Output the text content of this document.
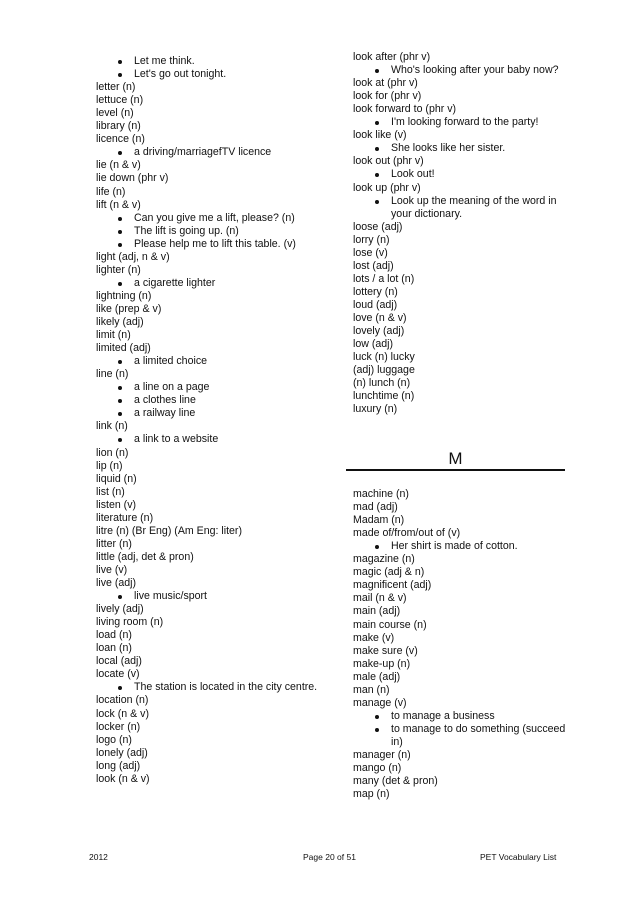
Let me think.
Let's go out tonight.
letter (n)
lettuce (n)
level (n)
library (n)
licence (n)
a driving/marriagefTV licence
lie (n & v)
lie down (phr v)
life (n)
lift (n & v)
Can you give me a lift, please? (n)
The lift is going up. (n)
Please help me to lift this table. (v)
light (adj, n & v)
lighter (n)
a cigarette lighter
lightning (n)
like (prep & v)
likely (adj)
limit (n)
limited (adj)
a limited choice
line (n)
a line on a page
a clothes line
a railway line
link (n)
a link to a website
lion (n)
lip (n)
liquid (n)
list (n)
listen (v)
literature (n)
litre (n) (Br Eng) (Am Eng: liter)
litter (n)
little (adj, det & pron)
live (v)
live (adj)
live music/sport
lively (adj)
living room (n)
load (n)
loan (n)
local (adj)
locate (v)
The station is located in the city centre.
location (n)
lock (n & v)
locker (n)
logo (n)
lonely (adj)
long (adj)
look (n & v)
look after (phr v)
Who's looking after your baby now?
look at (phr v)
look for (phr v)
look forward to (phr v)
I'm looking forward to the party!
look like (v)
She looks like her sister.
look out (phr v)
Look out!
look up (phr v)
Look up the meaning of the word in
your dictionary.
loose (adj)
lorry (n)
lose (v)
lost (adj)
lots / a lot (n)
lottery (n)
loud (adj)
love (n & v)
lovely (adj)
low (adj)
luck (n) lucky
(adj) luggage
(n) lunch (n)
lunchtime (n)
luxury (n)
M
machine (n)
mad (adj)
Madam (n)
made of/from/out of (v)
Her shirt is made of cotton.
magazine (n)
magic (adj & n)
magnificent (adj)
mail (n & v)
main (adj)
main course (n)
make (v)
make sure (v)
make-up (n)
male (adj)
man (n)
manage (v)
to manage a business
to manage to do something (succeed
in)
manager (n)
mango (n)
many (det & pron)
map (n)
2012	Page 20 of 51	PET Vocabulary List
